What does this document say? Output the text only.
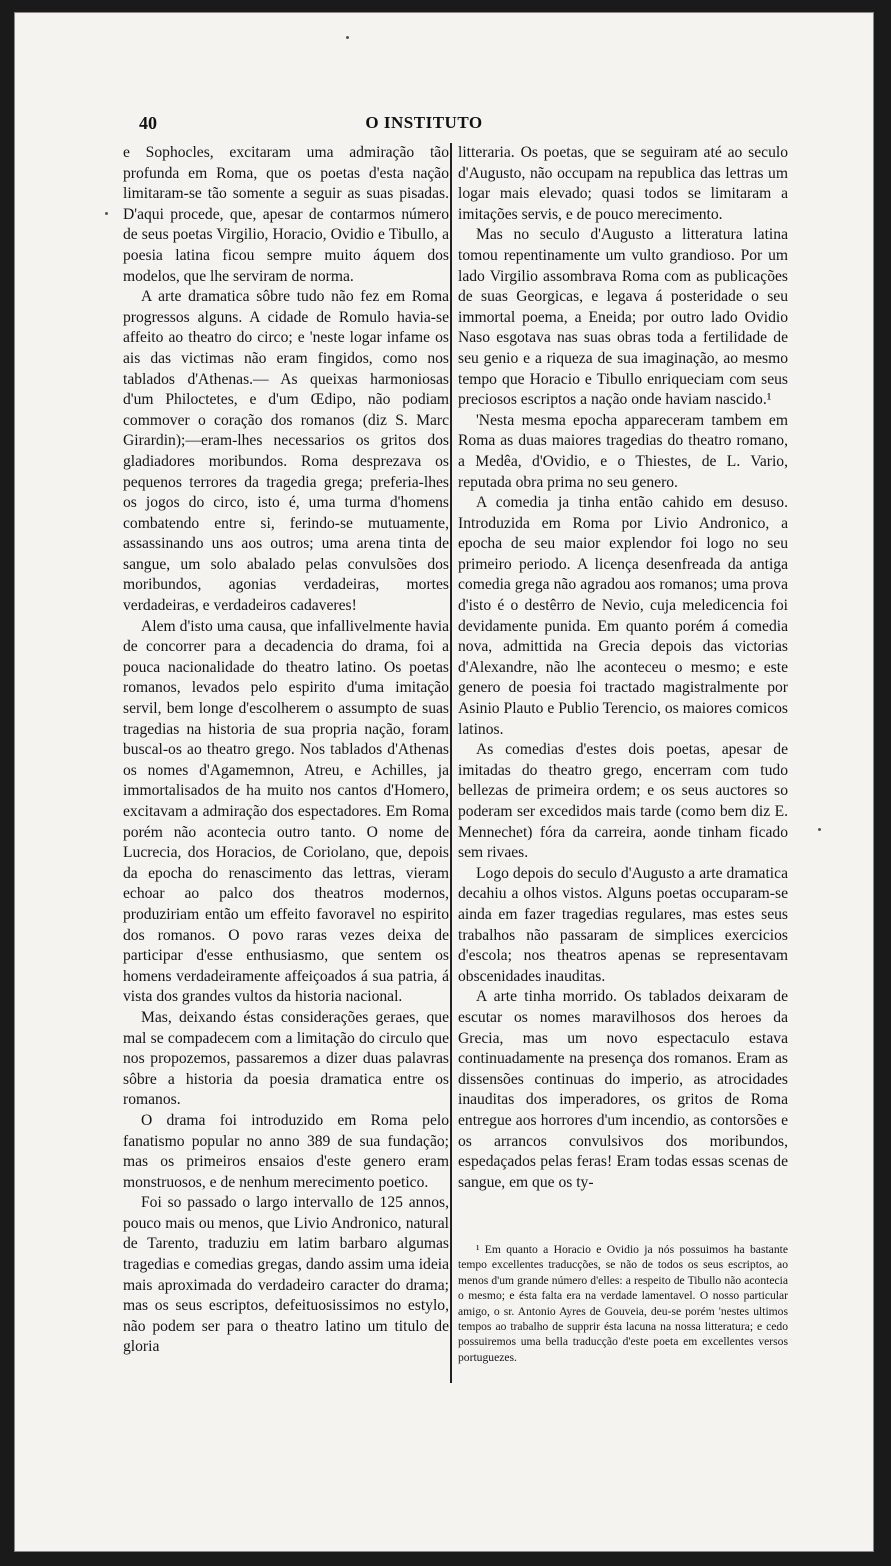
40	O INSTITUTO

e Sophocles, excitaram uma admiração tão profunda em Roma, que os poetas d'esta nação limitaram-se tão somente a seguir as suas pisadas. D'aqui procede, que, apesar de contarmos número de seus poetas Virgilio, Horacio, Ovidio e Tibullo, a poesia latina ficou sempre muito áquem dos modelos, que lhe serviram de norma.

A arte dramatica sôbre tudo não fez em Roma progressos alguns. A cidade de Romulo havia-se affeito ao theatro do circo; e 'neste logar infame os ais das victimas não eram fingidos, como nos tablados d'Athenas.— As queixas harmoniosas d'um Philoctetes, e d'um Œdipo, não podiam commover o coração dos romanos (diz S. Marc Girardin);—eram-lhes necessarios os gritos dos gladiadores moribundos. Roma desprezava os pequenos terrores da tragedia grega; preferia-lhes os jogos do circo, isto é, uma turma d'homens combatendo entre si, ferindo-se mutuamente, assassinando uns aos outros; uma arena tinta de sangue, um solo abalado pelas convulsões dos moribundos, agonias verdadeiras, mortes verdadeiras, e verdadeiros cadaveres!

Alem d'isto uma causa, que infallivelmente havia de concorrer para a decadencia do drama, foi a pouca nacionalidade do theatro latino. Os poetas romanos, levados pelo espirito d'uma imitação servil, bem longe d'escolherem o assumpto de suas tragedias na historia de sua propria nação, foram buscal-os ao theatro grego. Nos tablados d'Athenas os nomes d'Agamemnon, Atreu, e Achilles, ja immortalisados de ha muito nos cantos d'Homero, excitavam a admiração dos espectadores. Em Roma porém não acontecia outro tanto. O nome de Lucrecia, dos Horacios, de Coriolano, que, depois da epocha do renascimento das lettras, vieram echoar ao palco dos theatros modernos, produziriam então um effeito favoravel no espirito dos romanos. O povo raras vezes deixa de participar d'esse enthusiasmo, que sentem os homens verdadeiramente affeiçoados á sua patria, á vista dos grandes vultos da historia nacional.

Mas, deixando éstas considerações geraes, que mal se compadecem com a limitação do circulo que nos propozemos, passaremos a dizer duas palavras sôbre a historia da poesia dramatica entre os romanos.

O drama foi introduzido em Roma pelo fanatismo popular no anno 389 de sua fundação; mas os primeiros ensaios d'este genero eram monstruosos, e de nenhum merecimento poetico.

Foi so passado o largo intervallo de 125 annos, pouco mais ou menos, que Livio Andronico, natural de Tarento, traduziu em latim barbaro algumas tragedias e comedias gregas, dando assim uma ideia mais aproximada do verdadeiro caracter do drama; mas os seus escriptos, defeituosissimos no estylo, não podem ser para o theatro latino um titulo de gloria

litteraria. Os poetas, que se seguiram até ao seculo d'Augusto, não occupam na republica das lettras um logar mais elevado; quasi todos se limitaram a imitações servis, e de pouco merecimento.

Mas no seculo d'Augusto a litteratura latina tomou repentinamente um vulto grandioso. Por um lado Virgilio assombrava Roma com as publicações de suas Georgicas, e legava á posteridade o seu immortal poema, a Eneida; por outro lado Ovidio Naso esgotava nas suas obras toda a fertilidade de seu genio e a riqueza de sua imaginação, ao mesmo tempo que Horacio e Tibullo enriqueciam com seus preciosos escriptos a nação onde haviam nascido.¹

'Nesta mesma epocha appareceram tambem em Roma as duas maiores tragedias do theatro romano, a Medêa, d'Ovidio, e o Thiestes, de L. Vario, reputada obra prima no seu genero.

A comedia ja tinha então cahido em desuso. Introduzida em Roma por Livio Andronico, a epocha de seu maior explendor foi logo no seu primeiro periodo. A licença desenfreada da antiga comedia grega não agradou aos romanos; uma prova d'isto é o destêrro de Nevio, cuja meledicencia foi devidamente punida. Em quanto porém á comedia nova, admittida na Grecia depois das victorias d'Alexandre, não lhe aconteceu o mesmo; e este genero de poesia foi tractado magistralmente por Asinio Plauto e Publio Terencio, os maiores comicos latinos.

As comedias d'estes dois poetas, apesar de imitadas do theatro grego, encerram com tudo bellezas de primeira ordem; e os seus auctores so poderam ser excedidos mais tarde (como bem diz E. Mennechet) fóra da carreira, aonde tinham ficado sem rivaes.

Logo depois do seculo d'Augusto a arte dramatica decahiu a olhos vistos. Alguns poetas occuparam-se ainda em fazer tragedias regulares, mas estes seus trabalhos não passaram de simplices exercicios d'escola; nos theatros apenas se representavam obscenidades inauditas.

A arte tinha morrido. Os tablados deixaram de escutar os nomes maravilhosos dos heroes da Grecia, mas um novo espectaculo estava continuadamente na presença dos romanos. Eram as dissensões continuas do imperio, as atrocidades inauditas dos imperadores, os gritos de Roma entregue aos horrores d'um incendio, as contorsões e os arrancos convulsivos dos moribundos, espedaçados pelas feras! Eram todas essas scenas de sangue, em que os ty-

¹ Em quanto a Horacio e Ovidio ja nós possuimos ha bastante tempo excellentes traducções, se não de todos os seus escriptos, ao menos d'um grande número d'elles: a respeito de Tibullo não acontecia o mesmo; e ésta falta era na verdade lamentavel. O nosso particular amigo, o sr. Antonio Ayres de Gouveia, deu-se porém 'nestes ultimos tempos ao trabalho de supprir ésta lacuna na nossa litteratura; e cedo possuiremos uma bella traducção d'este poeta em excellentes versos portuguezes.
